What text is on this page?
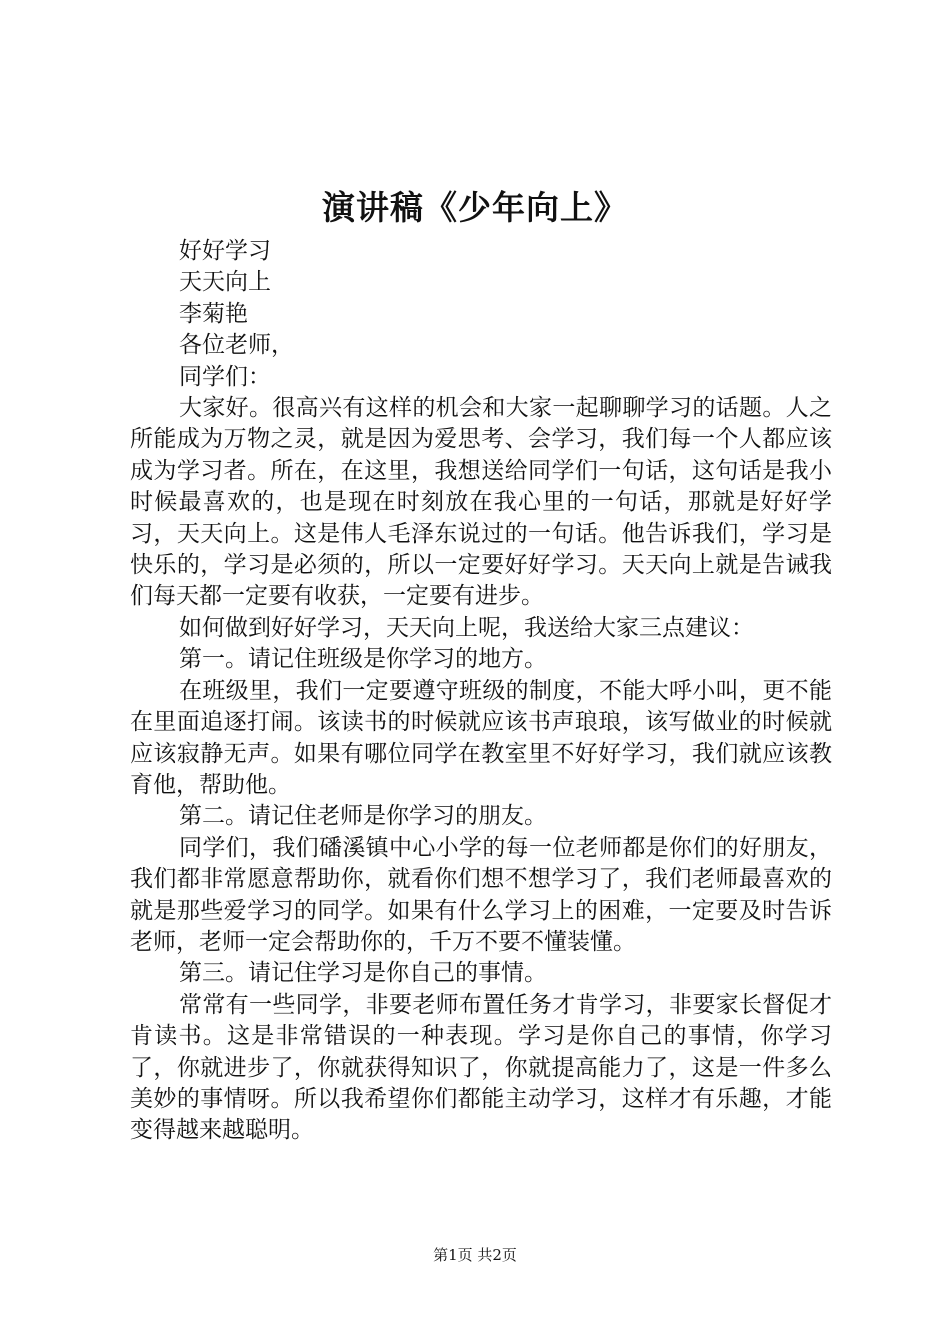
演讲稿《少年向上》

好好学习

天天向上

李菊艳

各位老师，

同学们：

大家好。很高兴有这样的机会和大家一起聊聊学习的话题。人之所能成为万物之灵，就是因为爱思考、会学习，我们每一个人都应该成为学习者。所在，在这里，我想送给同学们一句话，这句话是我小时候最喜欢的，也是现在时刻放在我心里的一句话，那就是好好学习，天天向上。这是伟人毛泽东说过的一句话。他告诉我们，学习是快乐的，学习是必须的，所以一定要好好学习。天天向上就是告诫我们每天都一定要有收获，一定要有进步。

如何做到好好学习，天天向上呢，我送给大家三点建议：

第一。请记住班级是你学习的地方。

在班级里，我们一定要遵守班级的制度，不能大呼小叫，更不能在里面追逐打闹。该读书的时候就应该书声琅琅，该写做业的时候就应该寂静无声。如果有哪位同学在教室里不好好学习，我们就应该教育他，帮助他。

第二。请记住老师是你学习的朋友。

同学们，我们磻溪镇中心小学的每一位老师都是你们的好朋友，我们都非常愿意帮助你，就看你们想不想学习了，我们老师最喜欢的就是那些爱学习的同学。如果有什么学习上的困难，一定要及时告诉老师，老师一定会帮助你的，千万不要不懂装懂。

第三。请记住学习是你自己的事情。

常常有一些同学，非要老师布置任务才肯学习，非要家长督促才肯读书。这是非常错误的一种表现。学习是你自己的事情，你学习了，你就进步了，你就获得知识了，你就提高能力了，这是一件多么美妙的事情呀。所以我希望你们都能主动学习，这样才有乐趣，才能变得越来越聪明。

第1页 共2页
